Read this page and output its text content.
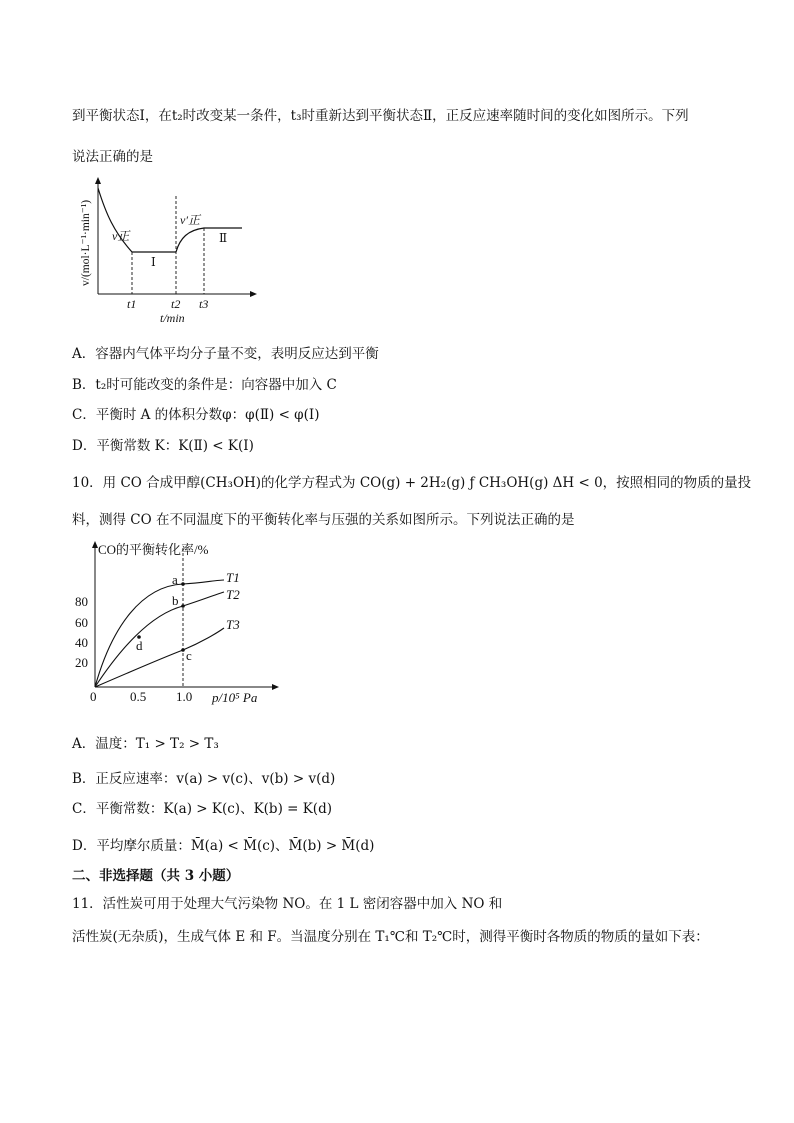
到平衡状态Ⅰ，在t₂时改变某一条件，t₃时重新达到平衡状态Ⅱ，正反应速率随时间的变化如图所示。下列
说法正确的是
v/(mol·L⁻¹·min⁻¹) v正
v′正
Ⅰ
Ⅱ
t1	t2 t3
t/min
A．容器内气体平均分子量不变，表明反应达到平衡
B．t₂时可能改变的条件是：向容器中加入 C
C．平衡时 A 的体积分数φ：φ(Ⅱ) < φ(Ⅰ)
D．平衡常数 K：K(Ⅱ) < K(Ⅰ)
10．用 CO 合成甲醇(CH₃OH)的化学方程式为 CO(g) + 2H₂(g) ƒ CH₃OH(g) ΔH < 0，按照相同的物质的量投
料，测得 CO 在不同温度下的平衡转化率与压强的关系如图所示。下列说法正确的是
CO的平衡转化率/%
80
60
40
20
0	0.5 1.0 p/10⁵ Pa
a
b
c
d
T1
T2
T3
A．温度：T₁ > T₂ > T₃
B．正反应速率：v(a) > v(c)、v(b) > v(d)
C．平衡常数：K(a) > K(c)、K(b) = K(d)
D．平均摩尔质量：M̄(a) < M̄(c)、M̄(b) > M̄(d)
二、非选择题（共 3 小题）
11．活性炭可用于处理大气污染物 NO。在 1 L 密闭容器中加入 NO 和
活性炭(无杂质)，生成气体 E 和 F。当温度分别在 T₁℃和 T₂℃时，测得平衡时各物质的物质的量如下表：
